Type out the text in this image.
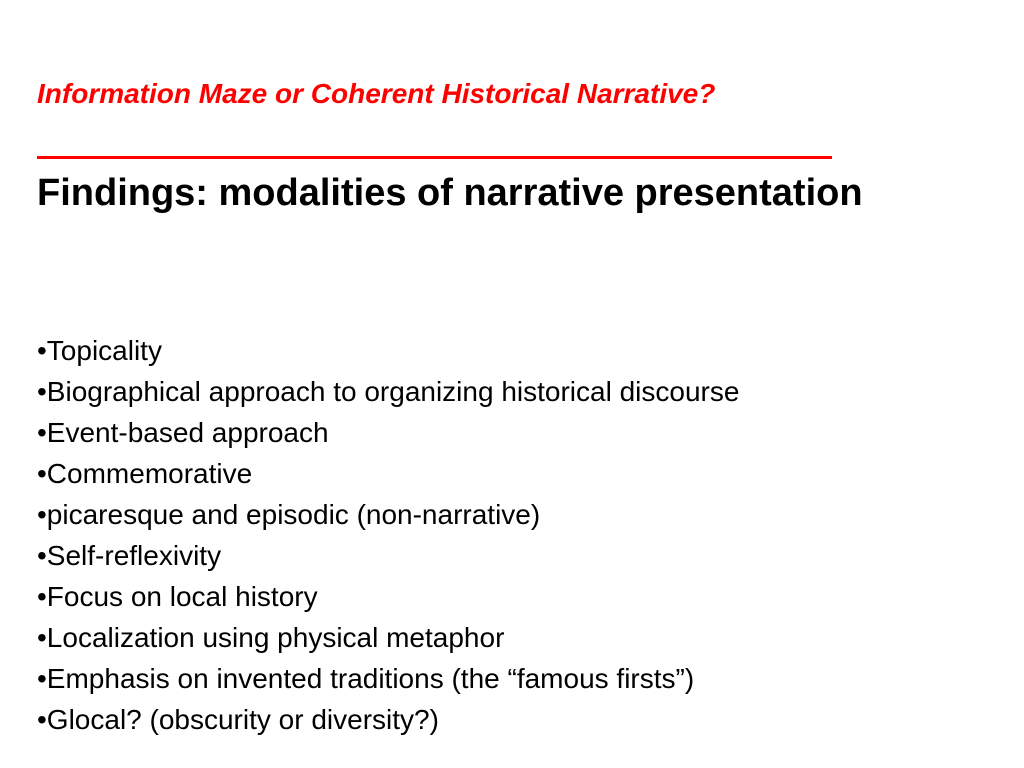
Information Maze or Coherent Historical Narrative?
Findings: modalities of narrative presentation
•Topicality
•Biographical approach to organizing historical discourse
•Event-based approach
•Commemorative
•picaresque and episodic (non-narrative)
•Self-reflexivity
•Focus on local history
•Localization using physical metaphor
•Emphasis on invented traditions (the “famous firsts”)
•Glocal? (obscurity or diversity?)
